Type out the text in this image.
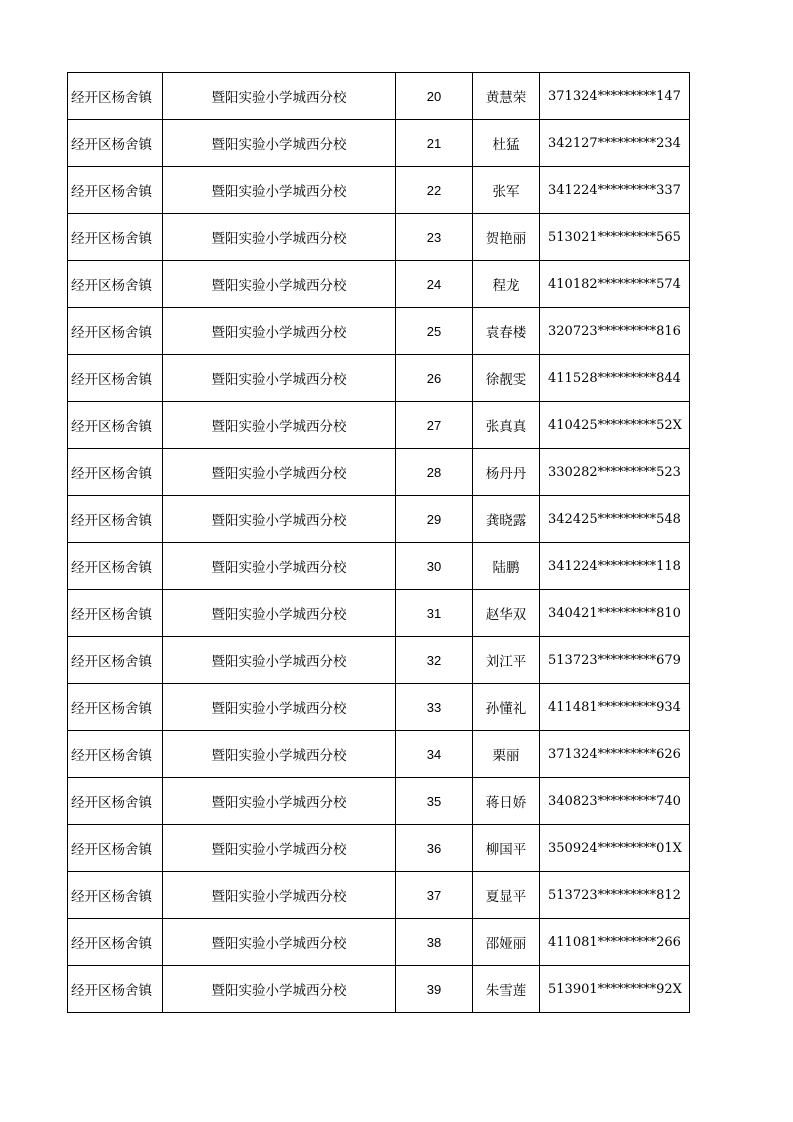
经开区杨舍镇	暨阳实验小学城西分校	20	黄慧荣	371324*********147
经开区杨舍镇	暨阳实验小学城西分校	21	杜猛	342127*********234
经开区杨舍镇	暨阳实验小学城西分校	22	张军	341224*********337
经开区杨舍镇	暨阳实验小学城西分校	23	贺艳丽	513021*********565
经开区杨舍镇	暨阳实验小学城西分校	24	程龙	410182*********574
经开区杨舍镇	暨阳实验小学城西分校	25	袁春楼	320723*********816
经开区杨舍镇	暨阳实验小学城西分校	26	徐靓雯	411528*********844
经开区杨舍镇	暨阳实验小学城西分校	27	张真真	410425*********52X
经开区杨舍镇	暨阳实验小学城西分校	28	杨丹丹	330282*********523
经开区杨舍镇	暨阳实验小学城西分校	29	龚晓露	342425*********548
经开区杨舍镇	暨阳实验小学城西分校	30	陆鹏	341224*********118
经开区杨舍镇	暨阳实验小学城西分校	31	赵华双	340421*********810
经开区杨舍镇	暨阳实验小学城西分校	32	刘江平	513723*********679
经开区杨舍镇	暨阳实验小学城西分校	33	孙懂礼	411481*********934
经开区杨舍镇	暨阳实验小学城西分校	34	栗丽	371324*********626
经开区杨舍镇	暨阳实验小学城西分校	35	蒋日娇	340823*********740
经开区杨舍镇	暨阳实验小学城西分校	36	柳国平	350924*********01X
经开区杨舍镇	暨阳实验小学城西分校	37	夏显平	513723*********812
经开区杨舍镇	暨阳实验小学城西分校	38	邵娅丽	411081*********266
经开区杨舍镇	暨阳实验小学城西分校	39	朱雪莲	513901*********92X
